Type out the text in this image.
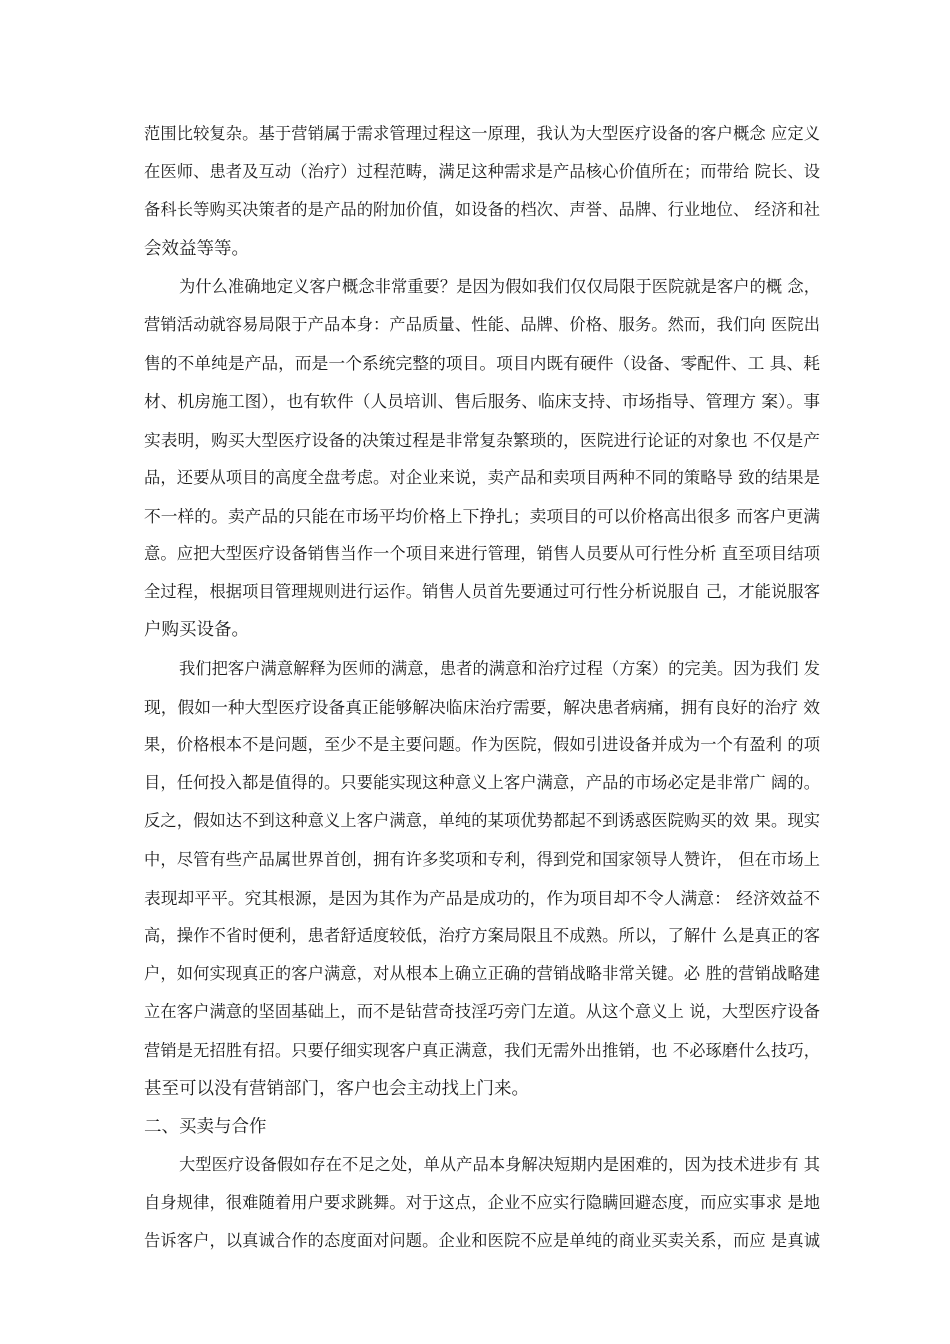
范围比较复杂。基于营销属于需求管理过程这一原理，我认为大型医疗设备的客户概念 应定义
在医师、患者及互动（治疗）过程范畴，满足这种需求是产品核心价值所在；而带给 院长、设
备科长等购买决策者的是产品的附加价值，如设备的档次、声誉、品牌、行业地位、 经济和社
会效益等等。
为什么准确地定义客户概念非常重要？是因为假如我们仅仅局限于医院就是客户的概 念，
营销活动就容易局限于产品本身：产品质量、性能、品牌、价格、服务。然而，我们向 医院出
售的不单纯是产品，而是一个系统完整的项目。项目内既有硬件（设备、零配件、工 具、耗
材、机房施工图），也有软件（人员培训、售后服务、临床支持、市场指导、管理方 案）。事
实表明，购买大型医疗设备的决策过程是非常复杂繁琐的，医院进行论证的对象也 不仅是产
品，还要从项目的高度全盘考虑。对企业来说，卖产品和卖项目两种不同的策略导 致的结果是
不一样的。卖产品的只能在市场平均价格上下挣扎；卖项目的可以价格高出很多 而客户更满
意。应把大型医疗设备销售当作一个项目来进行管理，销售人员要从可行性分析 直至项目结项
全过程，根据项目管理规则进行运作。销售人员首先要通过可行性分析说服自 己，才能说服客
户购买设备。
我们把客户满意解释为医师的满意，患者的满意和治疗过程（方案）的完美。因为我们 发
现，假如一种大型医疗设备真正能够解决临床治疗需要，解决患者病痛，拥有良好的治疗 效
果，价格根本不是问题，至少不是主要问题。作为医院，假如引进设备并成为一个有盈利 的项
目，任何投入都是值得的。只要能实现这种意义上客户满意，产品的市场必定是非常广 阔的。
反之，假如达不到这种意义上客户满意，单纯的某项优势都起不到诱惑医院购买的效 果。现实
中，尽管有些产品属世界首创，拥有许多奖项和专利，得到党和国家领导人赞许， 但在市场上
表现却平平。究其根源，是因为其作为产品是成功的，作为项目却不令人满意： 经济效益不
高，操作不省时便利，患者舒适度较低，治疗方案局限且不成熟。所以，了解什 么是真正的客
户，如何实现真正的客户满意，对从根本上确立正确的营销战略非常关键。必 胜的营销战略建
立在客户满意的坚固基础上，而不是钻营奇技淫巧旁门左道。从这个意义上 说，大型医疗设备
营销是无招胜有招。只要仔细实现客户真正满意，我们无需外出推销，也 不必琢磨什么技巧，
甚至可以没有营销部门，客户也会主动找上门来。
二、买卖与合作
大型医疗设备假如存在不足之处，单从产品本身解决短期内是困难的，因为技术进步有 其
自身规律，很难随着用户要求跳舞。对于这点，企业不应实行隐瞒回避态度，而应实事求 是地
告诉客户，以真诚合作的态度面对问题。企业和医院不应是单纯的商业买卖关系，而应 是真诚
